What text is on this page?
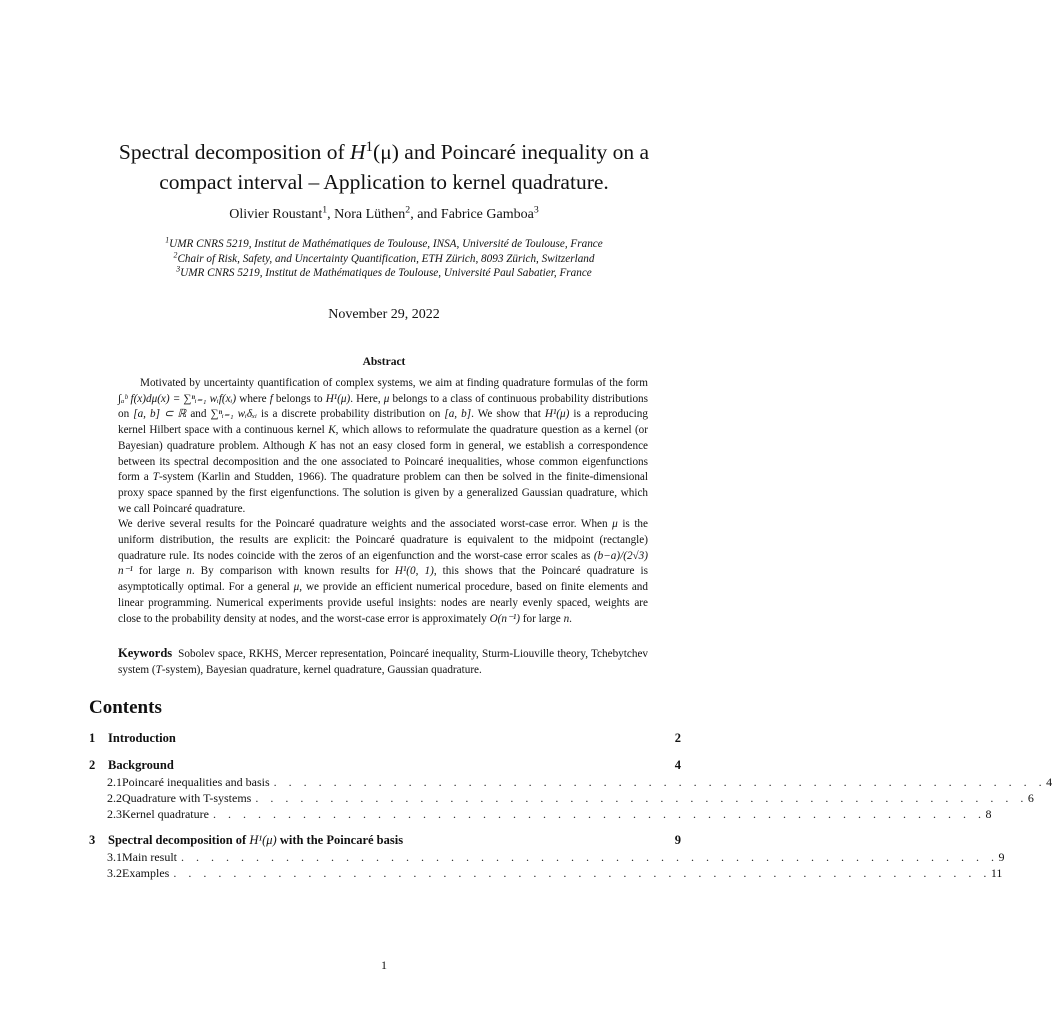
Spectral decomposition of $H^1(\mu)$ and Poincaré inequality on a
compact interval – Application to kernel quadrature.
Olivier Roustant$^1$, Nora Lüthen$^2$, and Fabrice Gamboa$^3$
$^1$UMR CNRS 5219, Institut de Mathématiques de Toulouse, INSA, Université de Toulouse, France
$^2$Chair of Risk, Safety, and Uncertainty Quantification, ETH Zürich, 8093 Zürich, Switzerland
$^3$UMR CNRS 5219, Institut de Mathématiques de Toulouse, Université Paul Sabatier, France
November 29, 2022
Abstract

Motivated by uncertainty quantification of complex systems, we aim at finding quadrature formulas of the form ∫ₐᵇ f(x)dμ(x) = ∑ⁿᵢ₌₁ wᵢf(xᵢ) where f belongs to H¹(μ). Here, μ belongs to a class of continuous probability distributions on [a, b] ⊂ ℝ and ∑ⁿᵢ₌₁ wᵢδₓᵢ is a discrete probability distribution on [a, b]. We show that H¹(μ) is a reproducing kernel Hilbert space with a continuous kernel K, which allows to reformulate the quadrature question as a kernel (or Bayesian) quadrature problem. Although K has not an easy closed form in general, we establish a correspondence between its spectral decomposition and the one associated to Poincaré inequalities, whose common eigenfunctions form a T-system (Karlin and Studden, 1966). The quadrature problem can then be solved in the finite-dimensional proxy space spanned by the first eigenfunctions. The solution is given by a generalized Gaussian quadrature, which we call Poincaré quadrature.

We derive several results for the Poincaré quadrature weights and the associated worst-case error. When μ is the uniform distribution, the results are explicit: the Poincaré quadrature is equivalent to the midpoint (rectangle) quadrature rule. Its nodes coincide with the zeros of an eigenfunction and the worst-case error scales as (b−a)/(2√3) n⁻¹ for large n. By comparison with known results for H¹(0, 1), this shows that the Poincaré quadrature is asymptotically optimal. For a general μ, we provide an efficient numerical procedure, based on finite elements and linear programming. Numerical experiments provide useful insights: nodes are nearly evenly spaced, weights are close to the probability density at nodes, and the worst-case error is approximately O(n⁻¹) for large n.

Keywords Sobolev space, RKHS, Mercer representation, Poincaré inequality, Sturm-Liouville theory, Tchebytchev system (T-system), Bayesian quadrature, kernel quadrature, Gaussian quadrature.
Contents
1	Introduction	2
2	Background	4
2.1 Poincaré inequalities and basis . . . . . . . . . . . . . . . . . . . . . . . . . . . . . . . . . . . . . . . . . . . . . . . . . . . . 4
2.2 Quadrature with T-systems . . . . . . . . . . . . . . . . . . . . . . . . . . . . . . . . . . . . . . . . . . . . . . . . . . . . 6
2.3 Kernel quadrature . . . . . . . . . . . . . . . . . . . . . . . . . . . . . . . . . . . . . . . . . . . . . . . . . . . . 8
3	Spectral decomposition of H¹(μ) with the Poincaré basis	9
3.1 Main result . . . . . . . . . . . . . . . . . . . . . . . . . . . . . . . . . . . . . . . . . . . . . . . . . . . . . . . 9
3.2 Examples . . . . . . . . . . . . . . . . . . . . . . . . . . . . . . . . . . . . . . . . . . . . . . . . . . . . . . . 11
1
